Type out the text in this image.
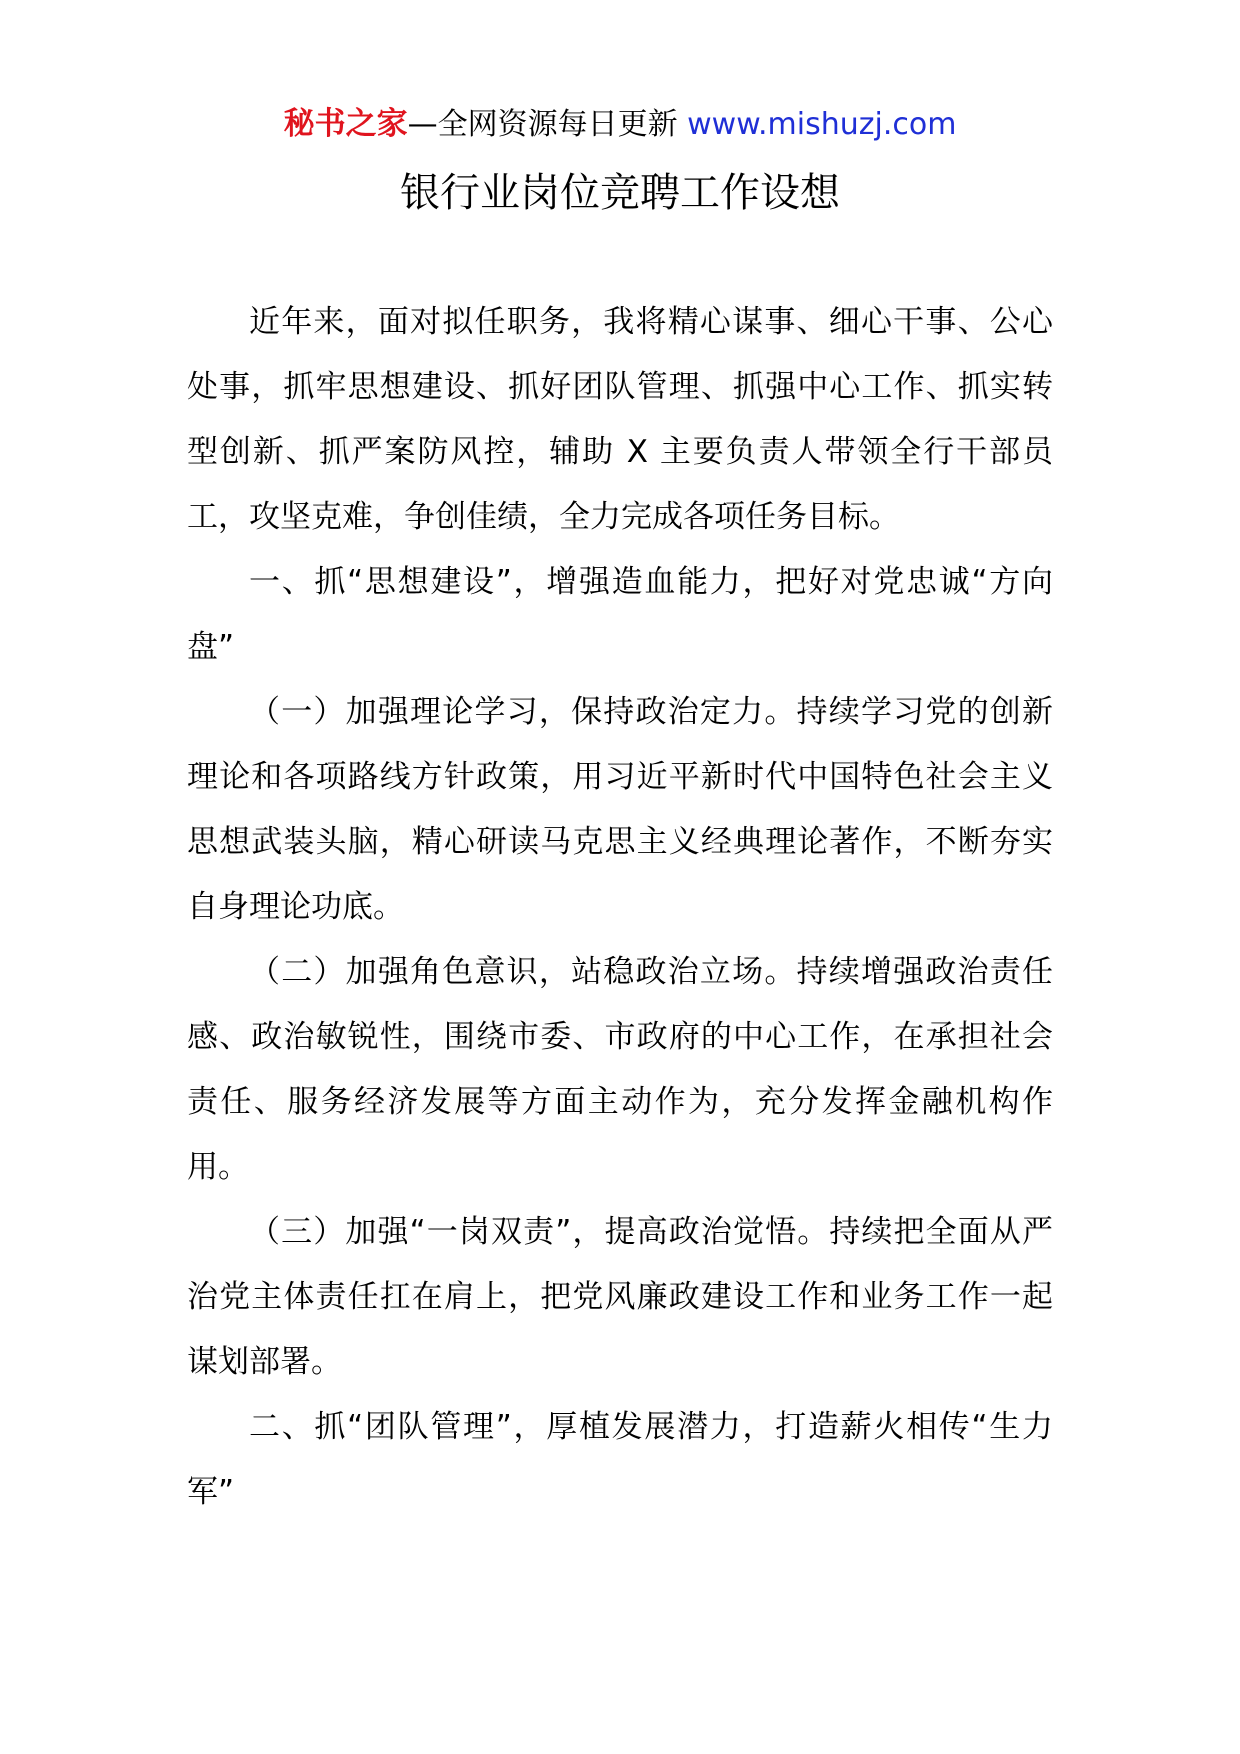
秘书之家—全网资源每日更新 www.mishuzj.com
银行业岗位竞聘工作设想

近年来，面对拟任职务，我将精心谋事、细心干事、公心处事，抓牢思想建设、抓好团队管理、抓强中心工作、抓实转型创新、抓严案防风控，辅助 X 主要负责人带领全行干部员工，攻坚克难，争创佳绩，全力完成各项任务目标。

一、抓“思想建设”，增强造血能力，把好对党忠诚“方向盘”

（一）加强理论学习，保持政治定力。持续学习党的创新理论和各项路线方针政策，用习近平新时代中国特色社会主义思想武装头脑，精心研读马克思主义经典理论著作，不断夯实自身理论功底。

（二）加强角色意识，站稳政治立场。持续增强政治责任感、政治敏锐性，围绕市委、市政府的中心工作，在承担社会责任、服务经济发展等方面主动作为，充分发挥金融机构作用。

（三）加强“一岗双责”，提高政治觉悟。持续把全面从严治党主体责任扛在肩上，把党风廉政建设工作和业务工作一起谋划部署。

二、抓“团队管理”，厚植发展潜力，打造薪火相传“生力军”
